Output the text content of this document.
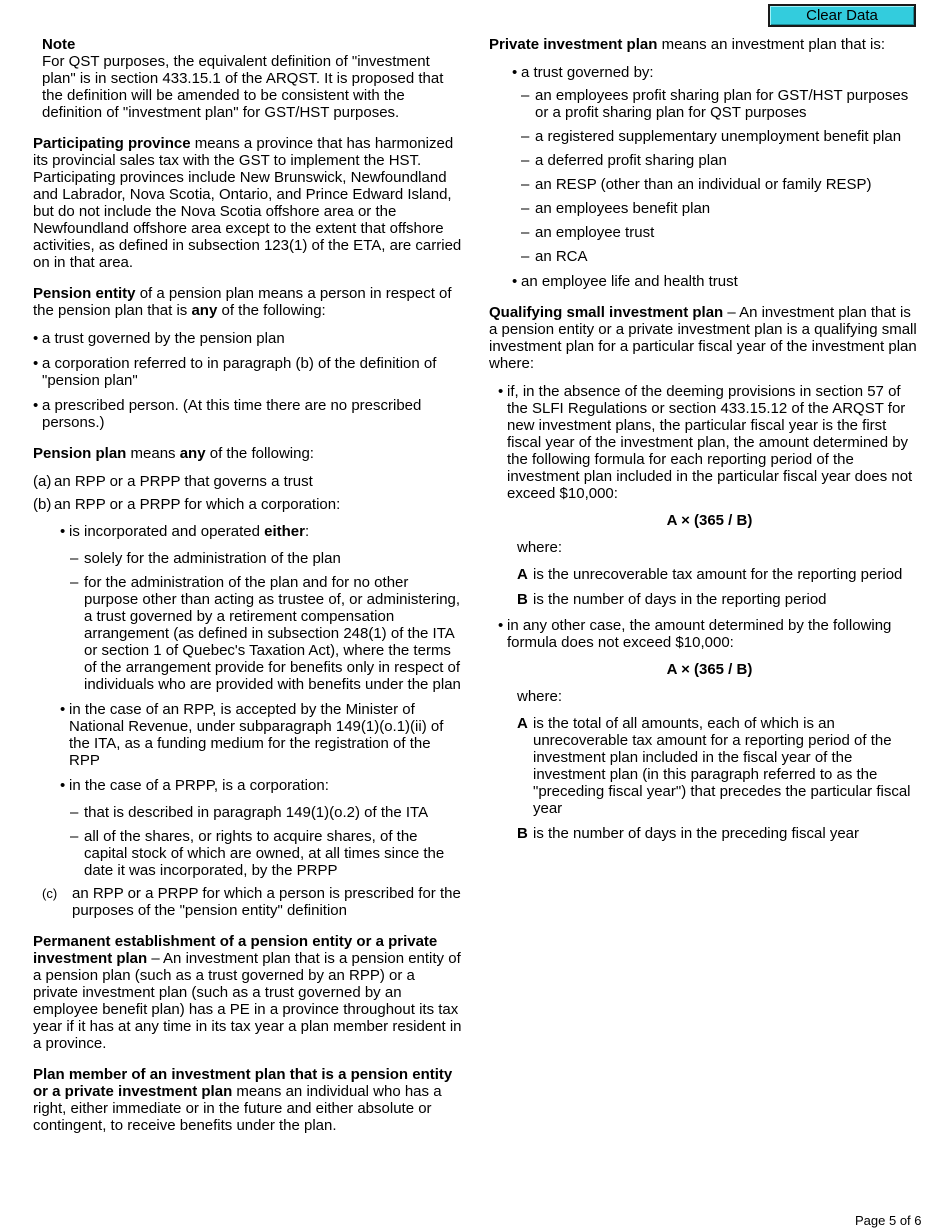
Clear Data

Note

For QST purposes, the equivalent definition of "investment plan" is in section 433.15.1 of the ARQST. It is proposed that the definition will be amended to be consistent with the definition of "investment plan" for GST/HST purposes.

Participating province means a province that has harmonized its provincial sales tax with the GST to implement the HST. Participating provinces include New Brunswick, Newfoundland and Labrador, Nova Scotia, Ontario, and Prince Edward Island, but do not include the Nova Scotia offshore area or the Newfoundland offshore area except to the extent that offshore activities, as defined in subsection 123(1) of the ETA, are carried on in that area.

Pension entity of a pension plan means a person in respect of the pension plan that is any of the following:

• a trust governed by the pension plan
• a corporation referred to in paragraph (b) of the definition of "pension plan"
• a prescribed person. (At this time there are no prescribed persons.)

Pension plan means any of the following:

(a) an RPP or a PRPP that governs a trust
(b) an RPP or a PRPP for which a corporation:
• is incorporated and operated either:
– solely for the administration of the plan
– for the administration of the plan and for no other purpose other than acting as trustee of, or administering, a trust governed by a retirement compensation arrangement (as defined in subsection 248(1) of the ITA or section 1 of Quebec's Taxation Act), where the terms of the arrangement provide for benefits only in respect of individuals who are provided with benefits under the plan
• in the case of an RPP, is accepted by the Minister of National Revenue, under subparagraph 149(1)(o.1)(ii) of the ITA, as a funding medium for the registration of the RPP
• in the case of a PRPP, is a corporation:
– that is described in paragraph 149(1)(o.2) of the ITA
– all of the shares, or rights to acquire shares, of the capital stock of which are owned, at all times since the date it was incorporated, by the PRPP
(c) an RPP or a PRPP for which a person is prescribed for the purposes of the "pension entity" definition

Permanent establishment of a pension entity or a private investment plan – An investment plan that is a pension entity of a pension plan (such as a trust governed by an RPP) or a private investment plan (such as a trust governed by an employee benefit plan) has a PE in a province throughout its tax year if it has at any time in its tax year a plan member resident in a province.

Plan member of an investment plan that is a pension entity or a private investment plan means an individual who has a right, either immediate or in the future and either absolute or contingent, to receive benefits under the plan.

Private investment plan means an investment plan that is:

• a trust governed by:
– an employees profit sharing plan for GST/HST purposes or a profit sharing plan for QST purposes
– a registered supplementary unemployment benefit plan
– a deferred profit sharing plan
– an RESP (other than an individual or family RESP)
– an employees benefit plan
– an employee trust
– an RCA
• an employee life and health trust

Qualifying small investment plan – An investment plan that is a pension entity or a private investment plan is a qualifying small investment plan for a particular fiscal year of the investment plan where:

• if, in the absence of the deeming provisions in section 57 of the SLFI Regulations or section 433.15.12 of the ARQST for new investment plans, the particular fiscal year is the first fiscal year of the investment plan, the amount determined by the following formula for each reporting period of the investment plan included in the particular fiscal year does not exceed $10,000:
A × (365 / B)

where:

A is the unrecoverable tax amount for the reporting period
B is the number of days in the reporting period
• in any other case, the amount determined by the following formula does not exceed $10,000:
A × (365 / B)

where:

A is the total of all amounts, each of which is an unrecoverable tax amount for a reporting period of the investment plan included in the fiscal year of the investment plan (in this paragraph referred to as the "preceding fiscal year") that precedes the particular fiscal year
B is the number of days in the preceding fiscal year
Page 5 of 6
